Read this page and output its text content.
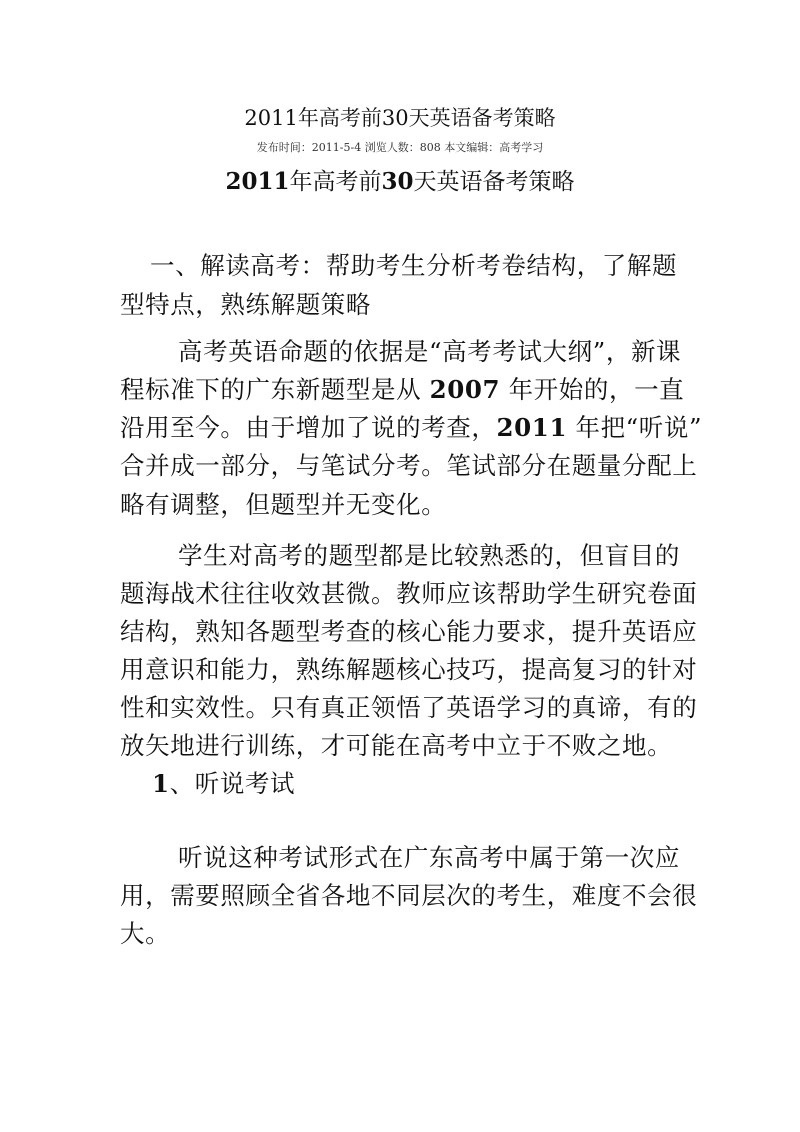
2011年高考前30天英语备考策略
发布时间：2011-5-4 浏览人数：808 本文编辑：高考学习
2011年高考前30天英语备考策略
一、解读高考：帮助考生分析考卷结构，了解题
型特点，熟练解题策略
高考英语命题的依据是“高考考试大纲”，新课
程标准下的广东新题型是从 2007 年开始的，一直
沿用至今。由于增加了说的考查，2011 年把“听说”
合并成一部分，与笔试分考。笔试部分在题量分配上
略有调整，但题型并无变化。
学生对高考的题型都是比较熟悉的，但盲目的
题海战术往往收效甚微。教师应该帮助学生研究卷面
结构，熟知各题型考查的核心能力要求，提升英语应
用意识和能力，熟练解题核心技巧，提高复习的针对
性和实效性。只有真正领悟了英语学习的真谛，有的
放矢地进行训练，才可能在高考中立于不败之地。
1、听说考试
听说这种考试形式在广东高考中属于第一次应
用，需要照顾全省各地不同层次的考生，难度不会很
大。
